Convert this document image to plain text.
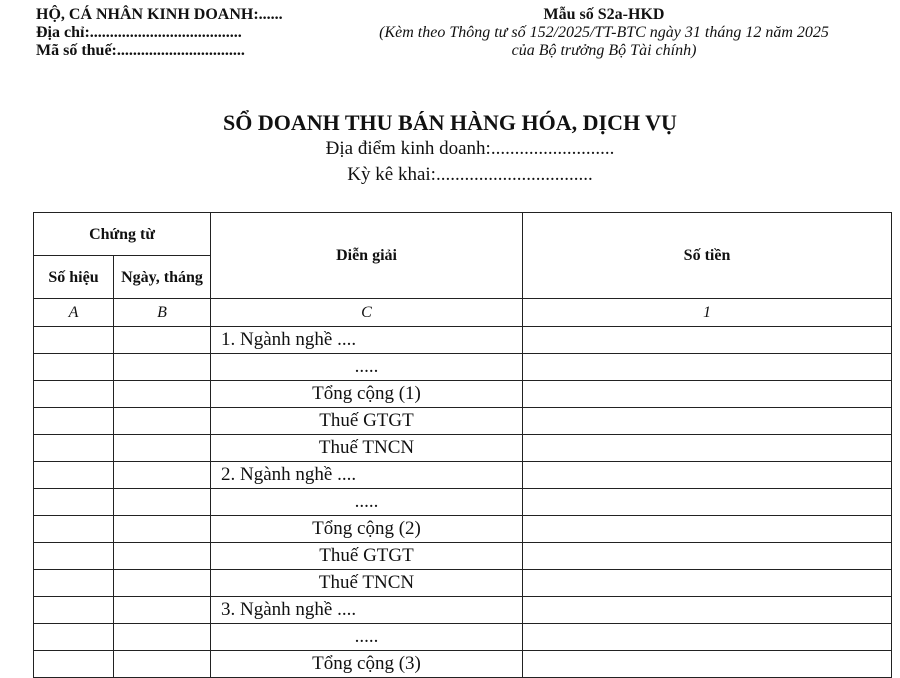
HỘ, CÁ NHÂN KINH DOANH:......
Địa chỉ:......................................
Mã số thuế:................................
Mẫu số S2a-HKD
(Kèm theo Thông tư số 152/2025/TT-BTC ngày 31 tháng 12 năm 2025
của Bộ trưởng Bộ Tài chính)
SỔ DOANH THU BÁN HÀNG HÓA, DỊCH VỤ
Địa điểm kinh doanh:..........................
Kỳ kê khai:.................................
Chứng từ		Diễn giải	Số tiền
Số hiệu	Ngày, tháng		
A	B	C	1
		1. Ngành nghề ....	
		.....	
		Tổng cộng (1)	
		Thuế GTGT	
		Thuế TNCN	
		2. Ngành nghề ....	
		.....	
		Tổng cộng (2)	
		Thuế GTGT	
		Thuế TNCN	
		3. Ngành nghề ....	
		.....	
		Tổng cộng (3)	
